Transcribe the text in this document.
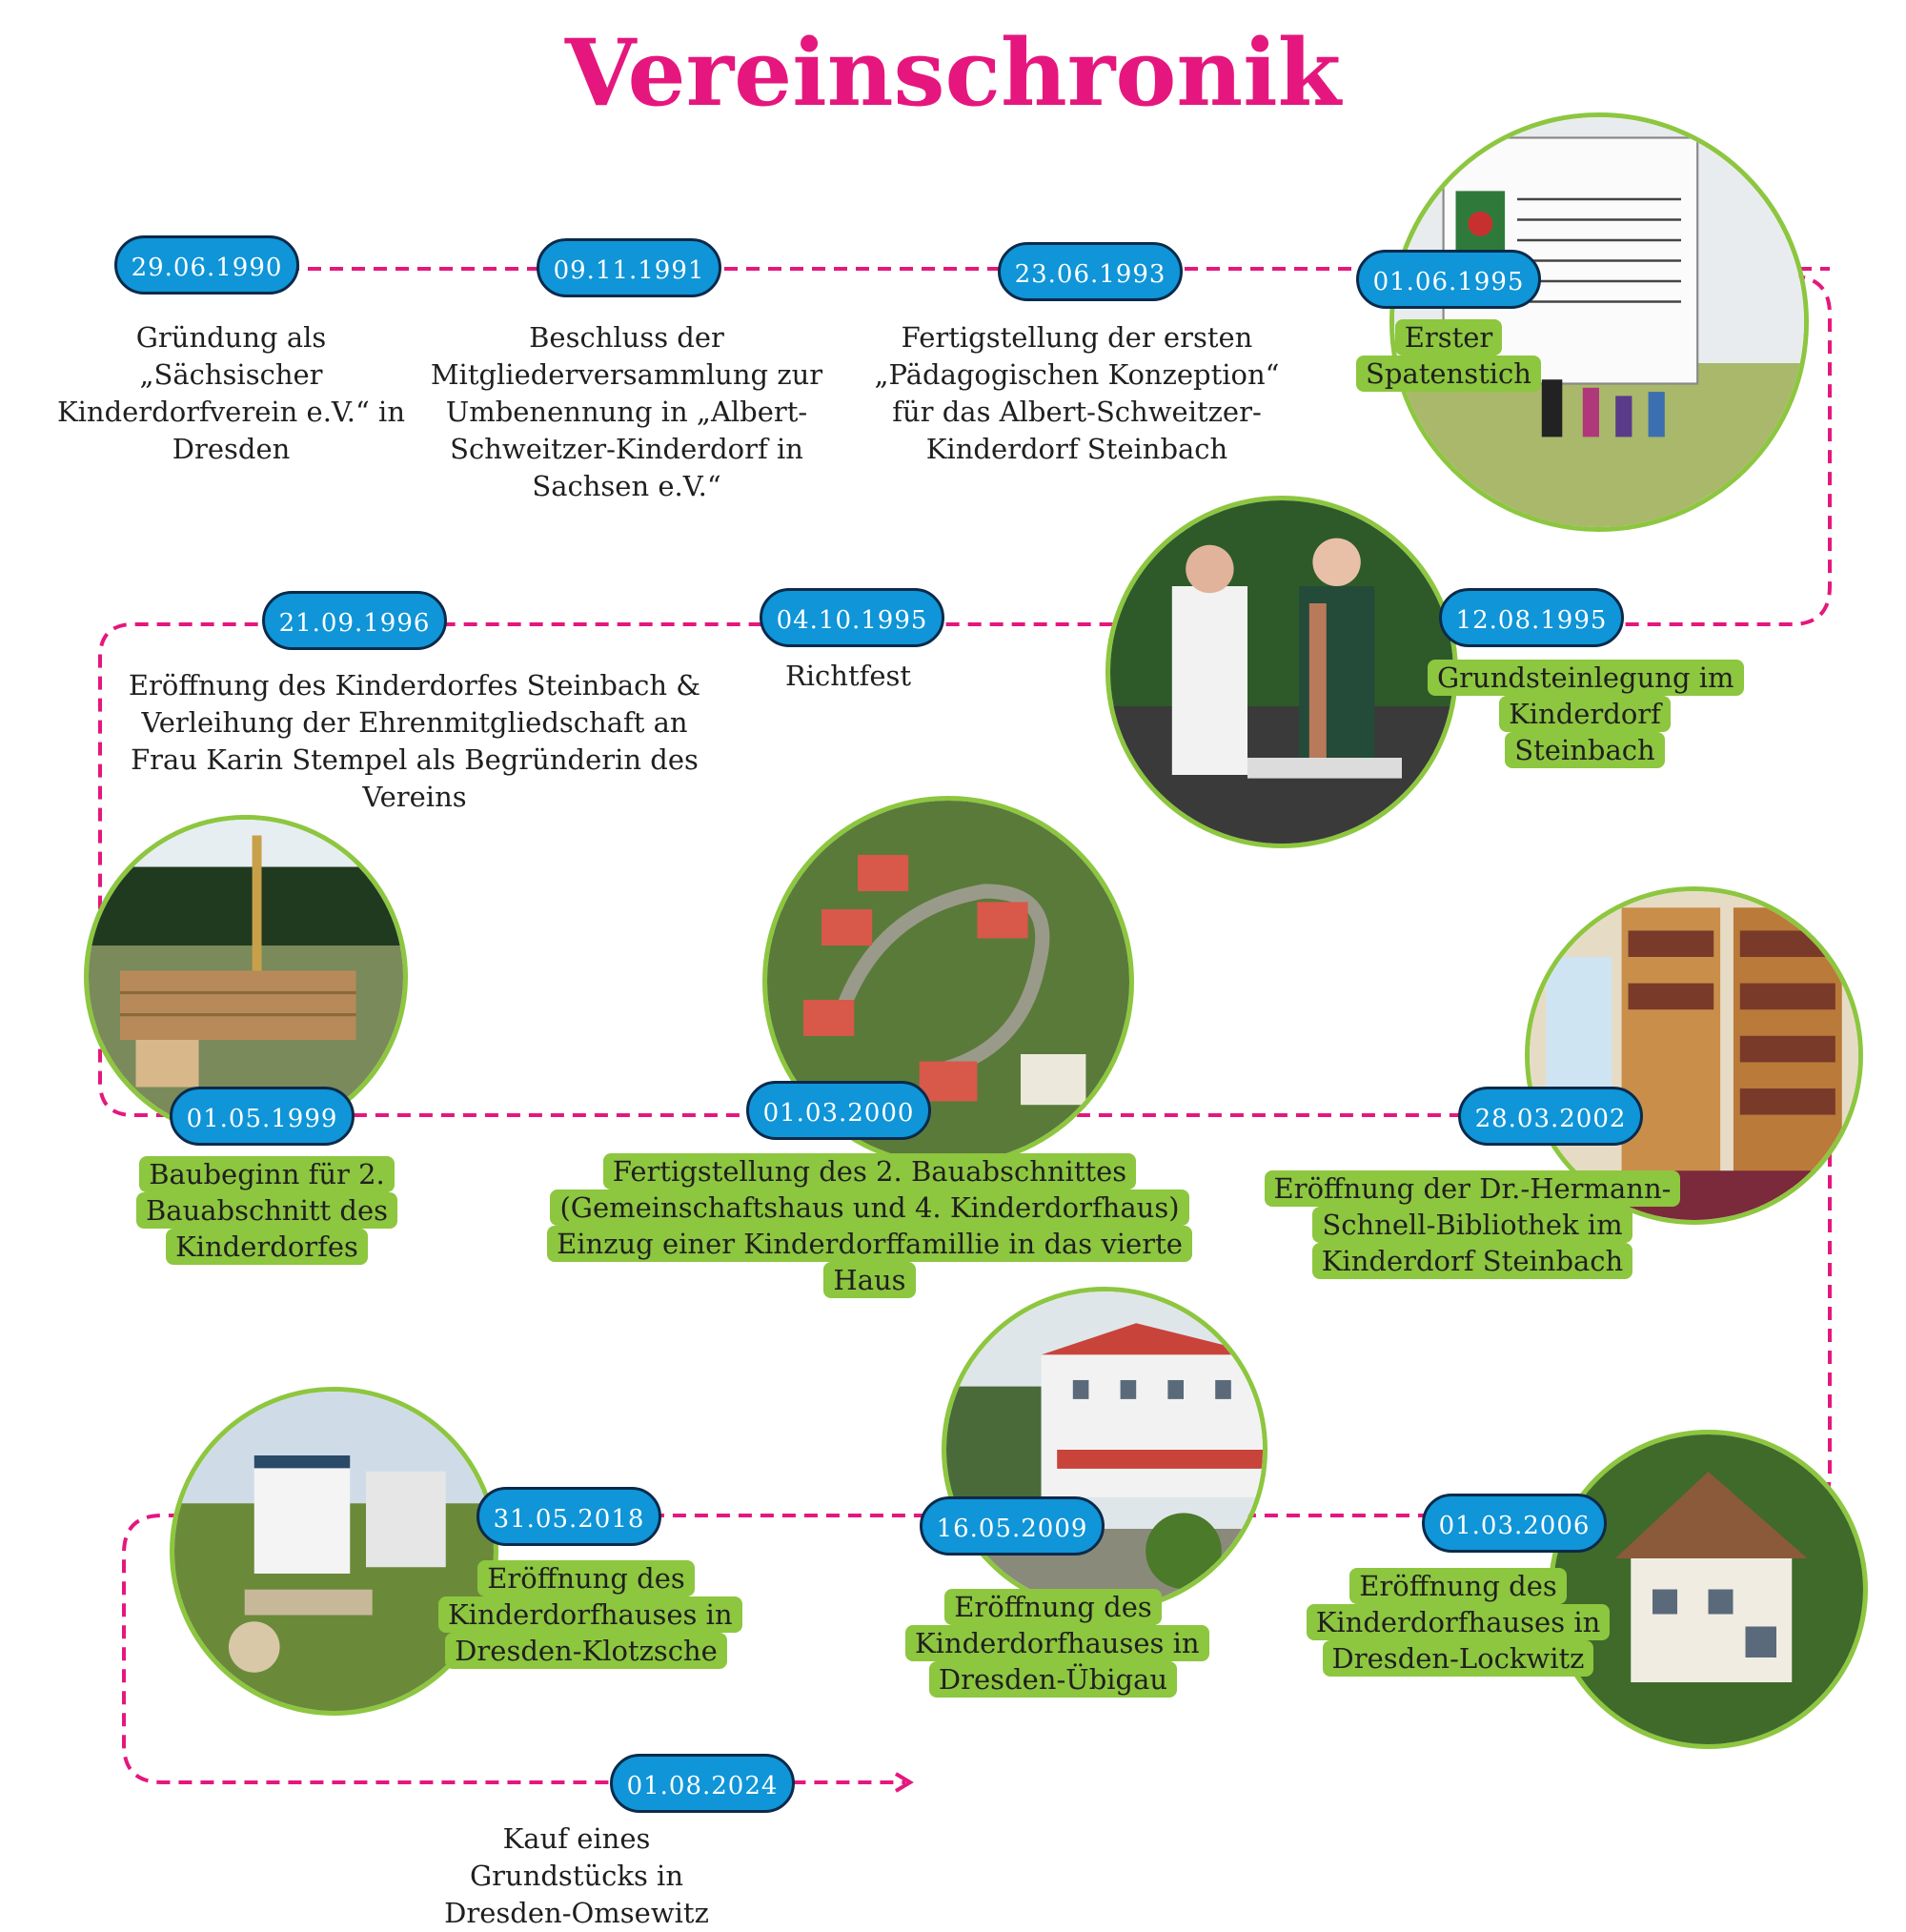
Vereinschronik
29.06.1990	09.11.1991	23.06.1993	01.06.1995
12.08.1995
04.10.1995
21.09.1996
01.05.1999	01.03.2000	28.03.2002
01.03.2006
16.05.2009
31.05.2018
01.08.2024
Gründung als „Sächsischer Kinderdorfverein e.V.“ in Dresden
Beschluss der Mitgliederversammlung zur Umbenennung in „Albert-Schweitzer-Kinderdorf in Sachsen e.V.“
Fertigstellung der ersten „Pädagogischen Konzeption“ für das Albert-Schweitzer-Kinderdorf Steinbach
Erster Spatenstich
Grundsteinlegung im Kinderdorf Steinbach
Richtfest
Eröffnung des Kinderdorfes Steinbach & Verleihung der Ehrenmitgliedschaft an Frau Karin Stempel als Begründerin des Vereins
Baubeginn für 2. Bauabschnitt des Kinderdorfes
Fertigstellung des 2. Bauabschnittes (Gemeinschaftshaus und 4. Kinderdorfhaus) Einzug einer Kinderdorffamillie in das vierte Haus
Eröffnung der Dr.-Hermann-Schnell-Bibliothek im Kinderdorf Steinbach
Eröffnung des Kinderdorfhauses in Dresden-Lockwitz
Eröffnung des Kinderdorfhauses in Dresden-Übigau
Eröffnung des Kinderdorfhauses in Dresden-Klotzsche
Kauf eines Grundstücks in Dresden-Omsewitz
